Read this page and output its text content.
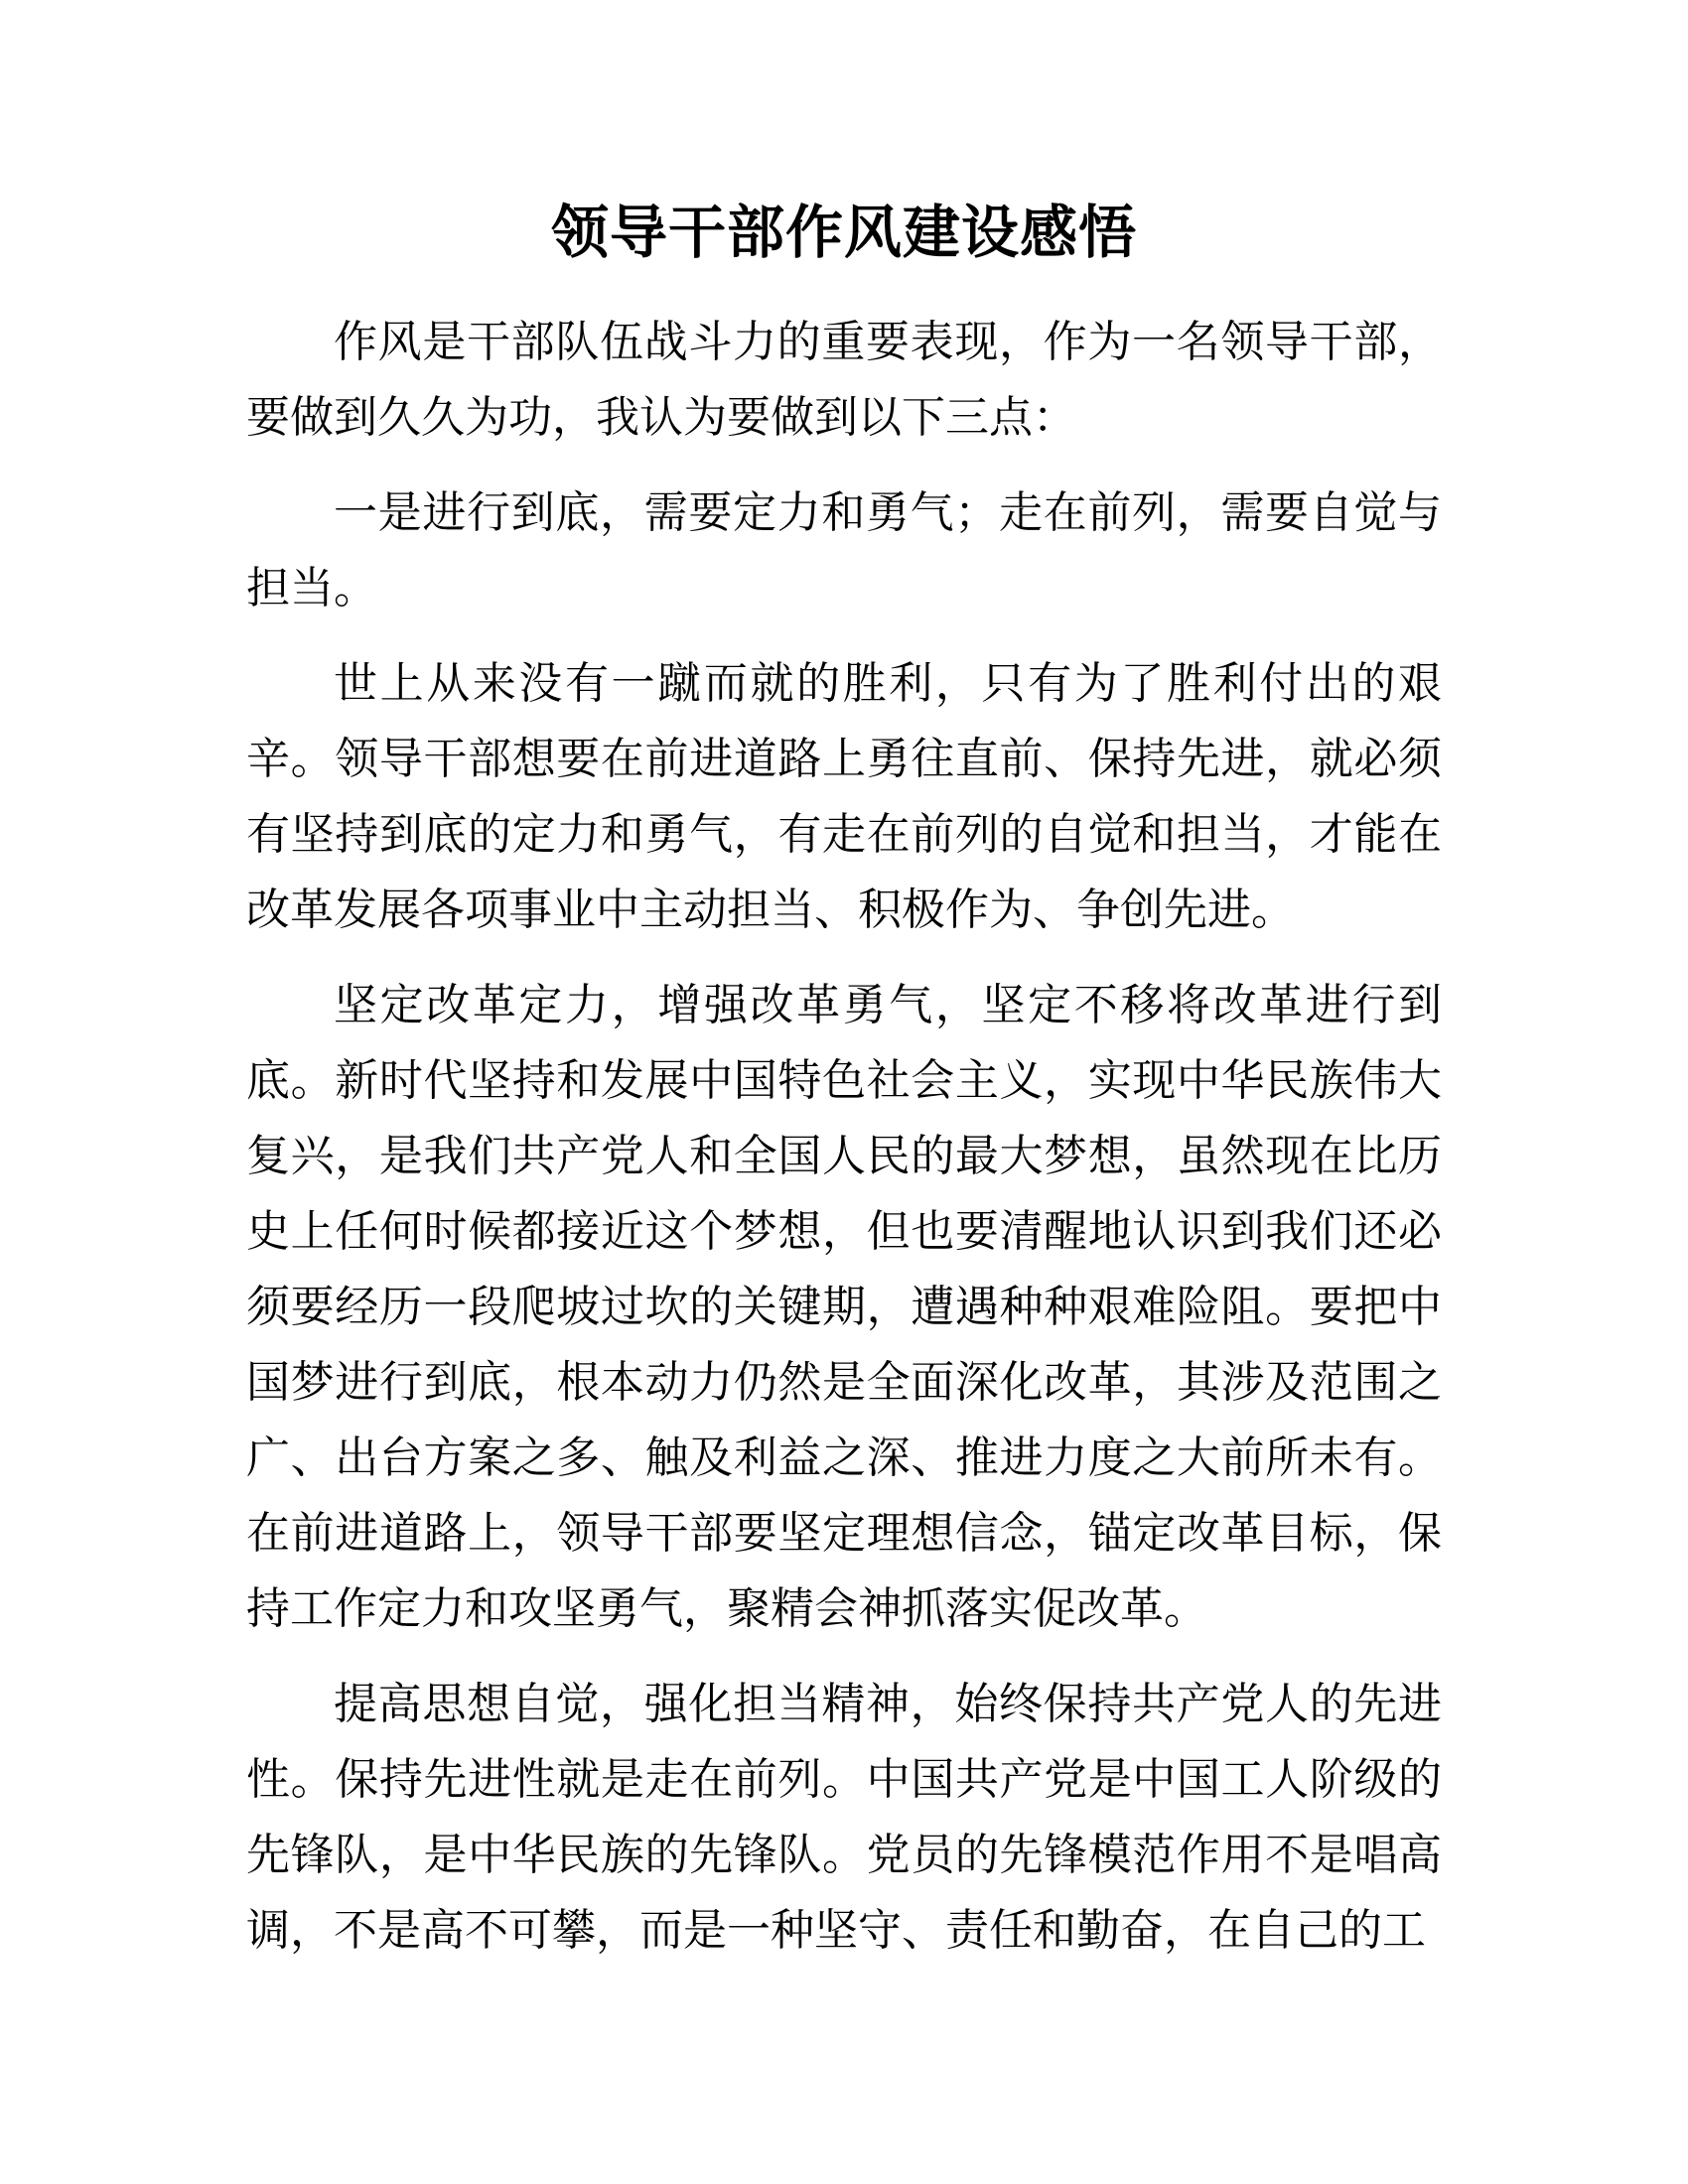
领导干部作风建设感悟

作风是干部队伍战斗力的重要表现，作为一名领导干部，要做到久久为功，我认为要做到以下三点：

一是进行到底，需要定力和勇气；走在前列，需要自觉与担当。

世上从来没有一蹴而就的胜利，只有为了胜利付出的艰辛。领导干部想要在前进道路上勇往直前、保持先进，就必须有坚持到底的定力和勇气，有走在前列的自觉和担当，才能在改革发展各项事业中主动担当、积极作为、争创先进。

坚定改革定力，增强改革勇气，坚定不移将改革进行到底。新时代坚持和发展中国特色社会主义，实现中华民族伟大复兴，是我们共产党人和全国人民的最大梦想，虽然现在比历史上任何时候都接近这个梦想，但也要清醒地认识到我们还必须要经历一段爬坡过坎的关键期，遭遇种种艰难险阻。要把中国梦进行到底，根本动力仍然是全面深化改革，其涉及范围之广、出台方案之多、触及利益之深、推进力度之大前所未有。在前进道路上，领导干部要坚定理想信念，锚定改革目标，保持工作定力和攻坚勇气，聚精会神抓落实促改革。

提高思想自觉，强化担当精神，始终保持共产党人的先进性。保持先进性就是走在前列。中国共产党是中国工人阶级的先锋队，是中华民族的先锋队。党员的先锋模范作用不是唱高调，不是高不可攀，而是一种坚守、责任和勤奋，在自己的工
